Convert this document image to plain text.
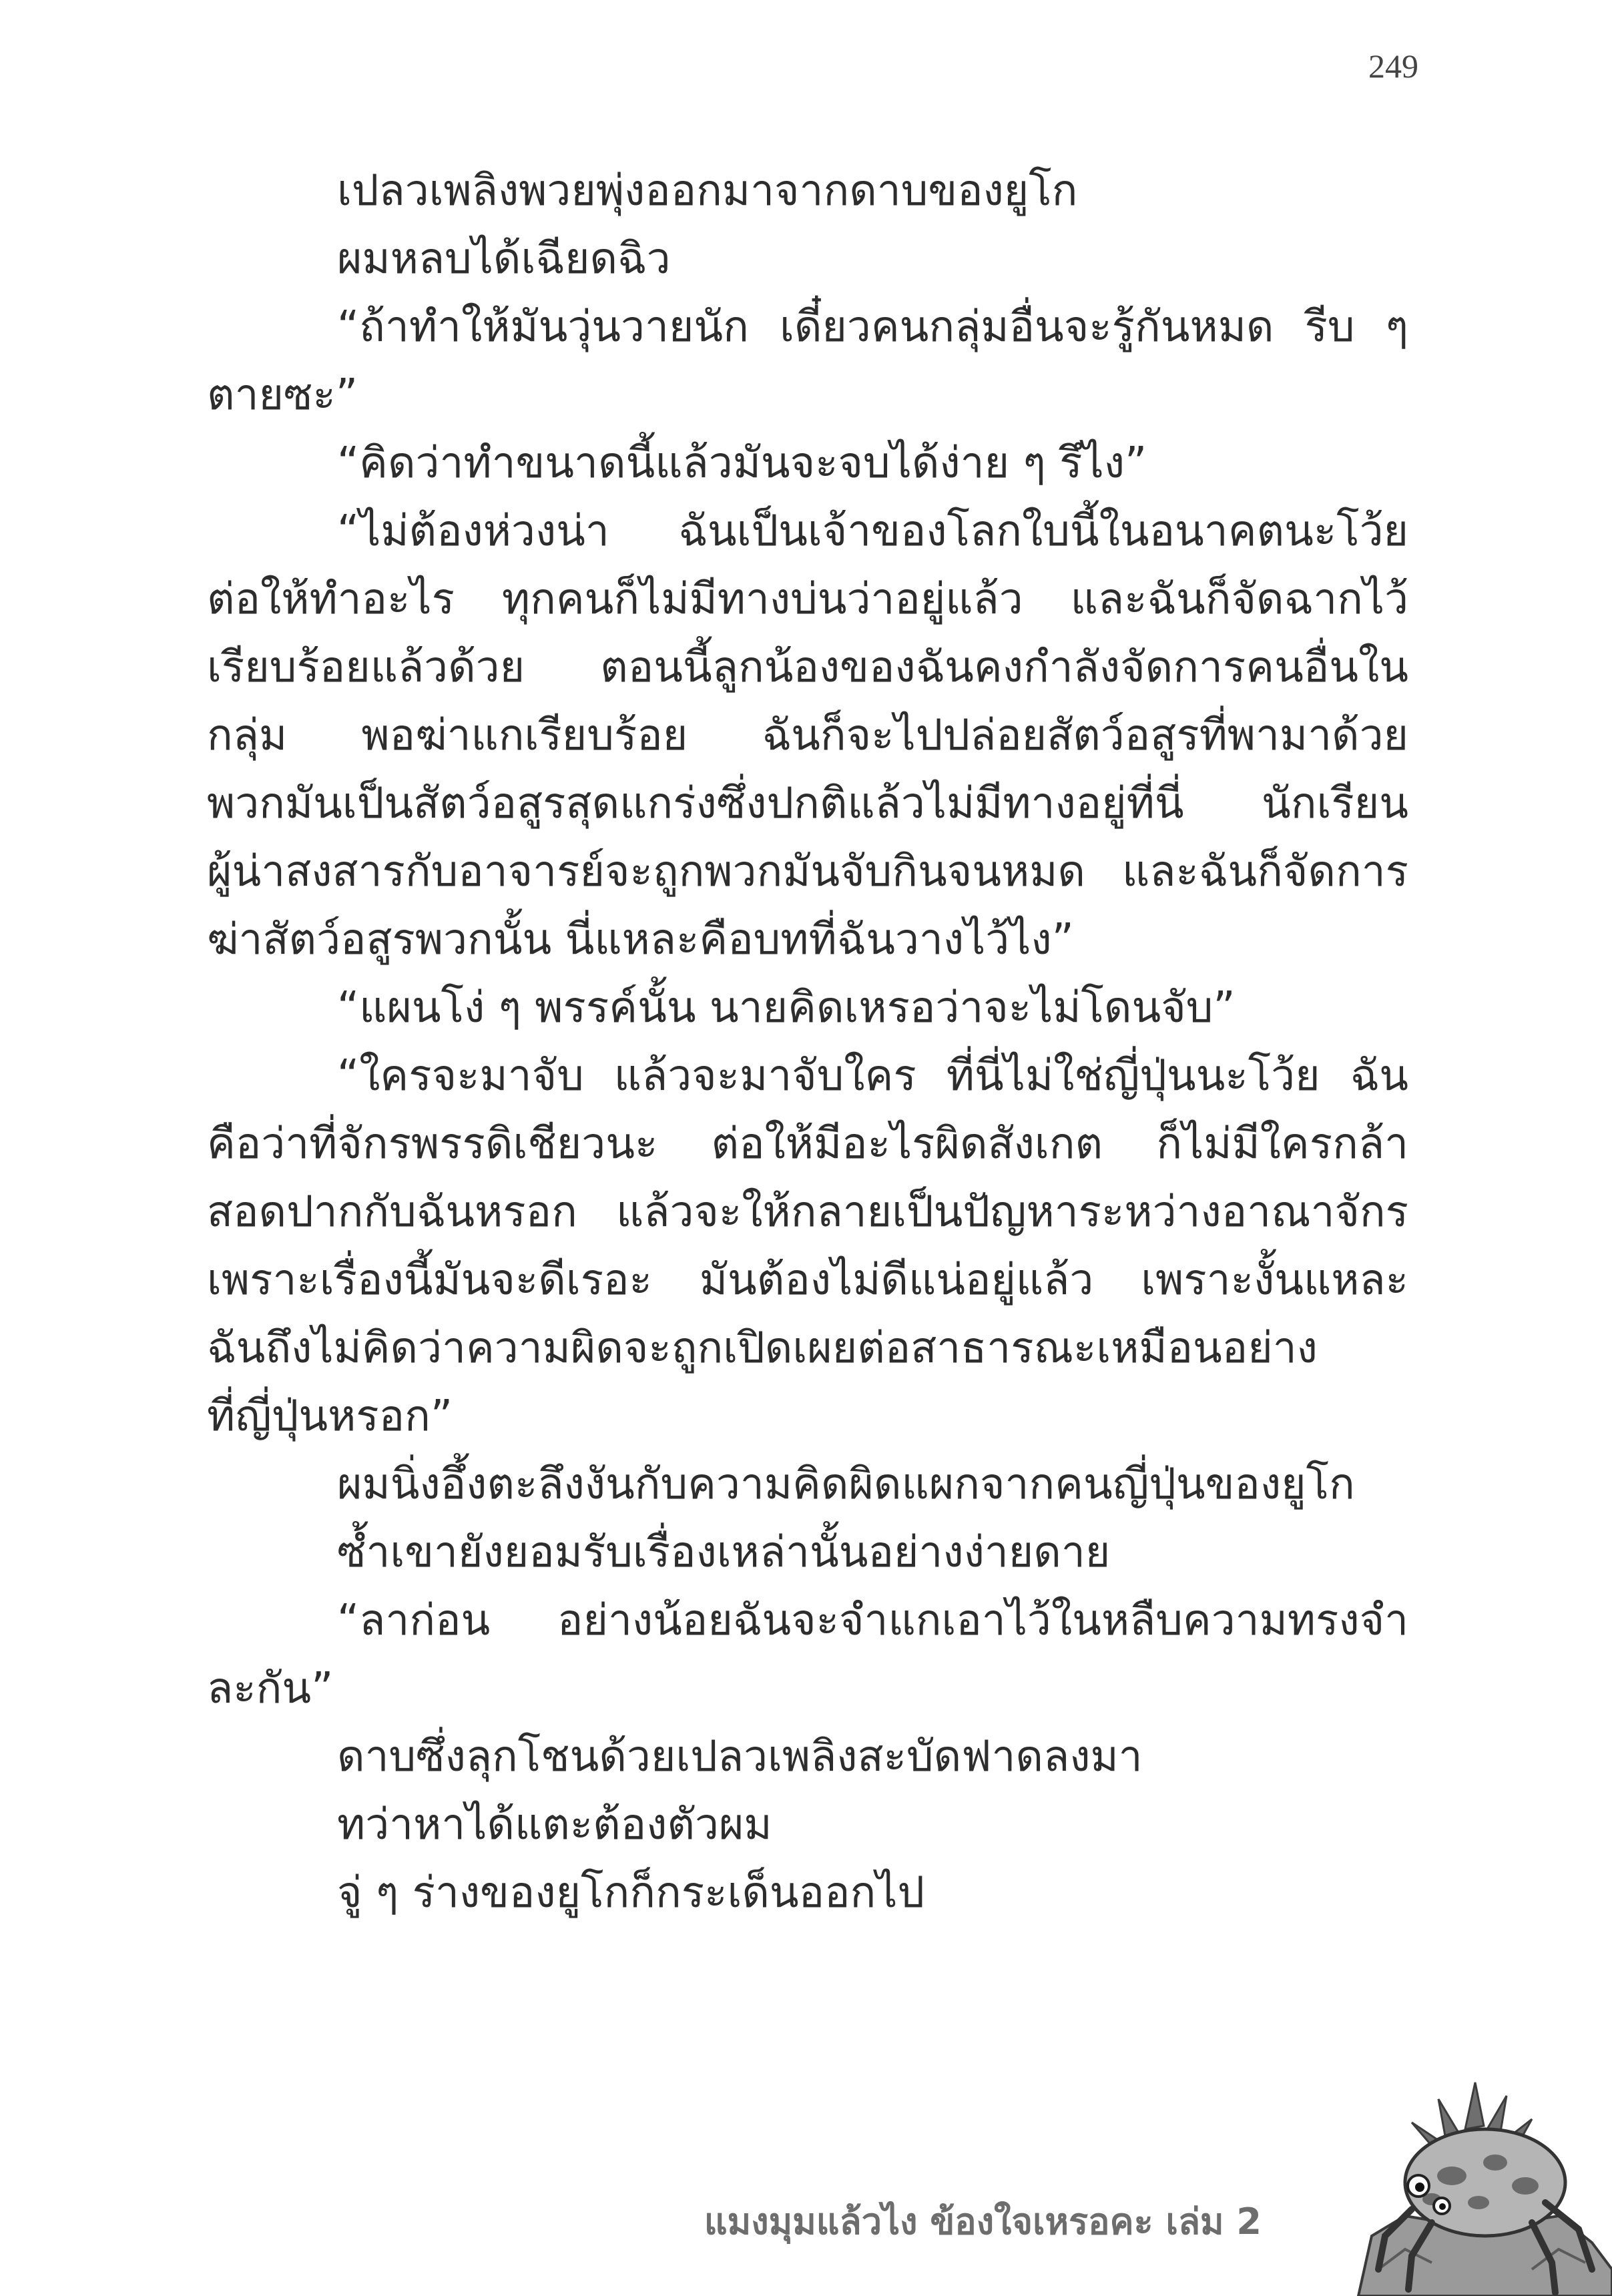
249
เปลวเพลิงพวยพุ่งออกมาจากดาบของยูโก
ผมหลบได้เฉียดฉิว
“ถ้าทำให้มันวุ่นวายนัก เดี๋ยวคนกลุ่มอื่นจะรู้กันหมด รีบ ๆ
ตายซะ”
“คิดว่าทำขนาดนี้แล้วมันจะจบได้ง่าย ๆ รึไง”
“ไม่ต้องห่วงน่า ฉันเป็นเจ้าของโลกใบนี้ในอนาคตนะโว้ย
ต่อให้ทำอะไร ทุกคนก็ไม่มีทางบ่นว่าอยู่แล้ว และฉันก็จัดฉากไว้
เรียบร้อยแล้วด้วย ตอนนี้ลูกน้องของฉันคงกำลังจัดการคนอื่นใน
กลุ่ม พอฆ่าแกเรียบร้อย ฉันก็จะไปปล่อยสัตว์อสูรที่พามาด้วย
พวกมันเป็นสัตว์อสูรสุดแกร่งซึ่งปกติแล้วไม่มีทางอยู่ที่นี่ นักเรียน
ผู้น่าสงสารกับอาจารย์จะถูกพวกมันจับกินจนหมด และฉันก็จัดการ
ฆ่าสัตว์อสูรพวกนั้น นี่แหละคือบทที่ฉันวางไว้ไง”
“แผนโง่ ๆ พรรค์นั้น นายคิดเหรอว่าจะไม่โดนจับ”
“ใครจะมาจับ แล้วจะมาจับใคร ที่นี่ไม่ใช่ญี่ปุ่นนะโว้ย ฉัน
คือว่าที่จักรพรรดิเชียวนะ ต่อให้มีอะไรผิดสังเกต ก็ไม่มีใครกล้า
สอดปากกับฉันหรอก แล้วจะให้กลายเป็นปัญหาระหว่างอาณาจักร
เพราะเรื่องนี้มันจะดีเรอะ มันต้องไม่ดีแน่อยู่แล้ว เพราะงั้นแหละ
ฉันถึงไม่คิดว่าความผิดจะถูกเปิดเผยต่อสาธารณะเหมือนอย่าง
ที่ญี่ปุ่นหรอก”
ผมนิ่งอึ้งตะลึงงันกับความคิดผิดแผกจากคนญี่ปุ่นของยูโก
ซ้ำเขายังยอมรับเรื่องเหล่านั้นอย่างง่ายดาย
“ลาก่อน อย่างน้อยฉันจะจำแกเอาไว้ในหลืบความทรงจำ
ละกัน”
ดาบซึ่งลุกโชนด้วยเปลวเพลิงสะบัดฟาดลงมา
ทว่าหาได้แตะต้องตัวผม
จู่ ๆ ร่างของยูโกก็กระเด็นออกไป
แมงมุมแล้วไง ข้องใจเหรอคะ เล่ม 2
